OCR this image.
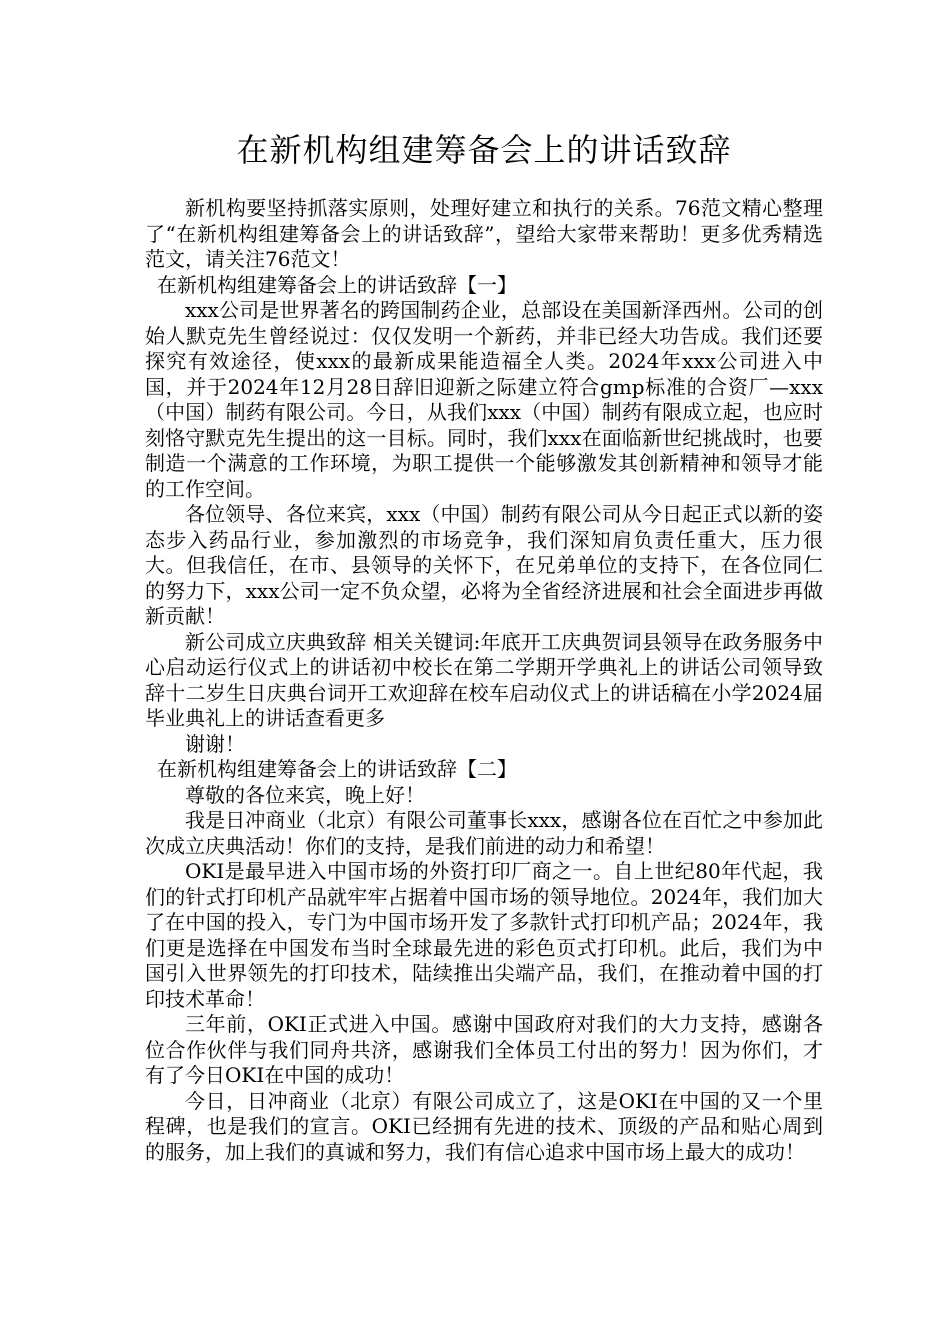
在新机构组建筹备会上的讲话致辞

新机构要坚持抓落实原则，处理好建立和执行的关系。76范文精心整理了“在新机构组建筹备会上的讲话致辞”，望给大家带来帮助！更多优秀精选范文，请关注76范文！

在新机构组建筹备会上的讲话致辞【一】

xxx公司是世界著名的跨国制药企业，总部设在美国新泽西州。公司的创始人默克先生曾经说过：仅仅发明一个新药，并非已经大功告成。我们还要探究有效途径，使xxx的最新成果能造福全人类。2024年xxx公司进入中国，并于2024年12月28日辞旧迎新之际建立符合gmp标准的合资厂—xxx（中国）制药有限公司。今日，从我们xxx（中国）制药有限成立起，也应时刻恪守默克先生提出的这一目标。同时，我们xxx在面临新世纪挑战时，也要制造一个满意的工作环境，为职工提供一个能够激发其创新精神和领导才能的工作空间。

各位领导、各位来宾，xxx（中国）制药有限公司从今日起正式以新的姿态步入药品行业，参加激烈的市场竞争，我们深知肩负责任重大，压力很大。但我信任，在市、县领导的关怀下，在兄弟单位的支持下，在各位同仁的努力下，xxx公司一定不负众望，必将为全省经济进展和社会全面进步再做新贡献！

新公司成立庆典致辞 相关关键词:年底开工庆典贺词县领导在政务服务中心启动运行仪式上的讲话初中校长在第二学期开学典礼上的讲话公司领导致辞十二岁生日庆典台词开工欢迎辞在校车启动仪式上的讲话稿在小学2024届毕业典礼上的讲话查看更多

谢谢！

在新机构组建筹备会上的讲话致辞【二】

尊敬的各位来宾，晚上好！

我是日冲商业（北京）有限公司董事长xxx，感谢各位在百忙之中参加此次成立庆典活动！你们的支持，是我们前进的动力和希望！

OKI是最早进入中国市场的外资打印厂商之一。自上世纪80年代起，我们的针式打印机产品就牢牢占据着中国市场的领导地位。2024年，我们加大了在中国的投入，专门为中国市场开发了多款针式打印机产品；2024年，我们更是选择在中国发布当时全球最先进的彩色页式打印机。此后，我们为中国引入世界领先的打印技术，陆续推出尖端产品，我们，在推动着中国的打印技术革命！

三年前，OKI正式进入中国。感谢中国政府对我们的大力支持，感谢各位合作伙伴与我们同舟共济，感谢我们全体员工付出的努力！因为你们，才有了今日OKI在中国的成功！

今日，日冲商业（北京）有限公司成立了，这是OKI在中国的又一个里程碑，也是我们的宣言。OKI已经拥有先进的技术、顶级的产品和贴心周到的服务，加上我们的真诚和努力，我们有信心追求中国市场上最大的成功！
